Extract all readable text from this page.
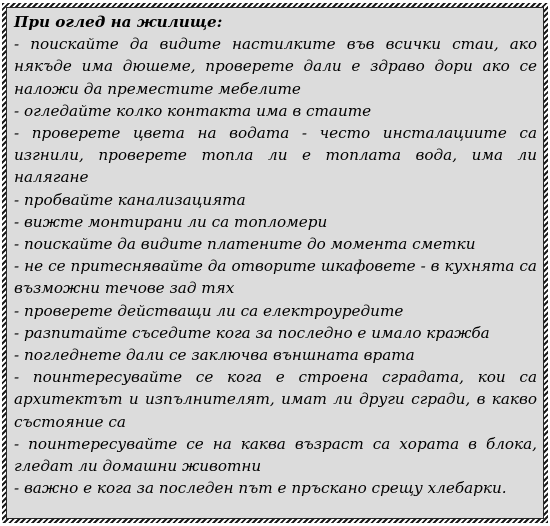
При оглед на жилище:

- поискайте да видите настилките във всички стаи, ако някъде има дюшеме, проверете дали е здраво дори ако се наложи да преместите мебелите

- огледайте колко контакта има в стаите

- проверете цвета на водата - често инсталациите са изгнили, проверете топла ли е топлата вода, има ли налягане

- пробвайте канализацията

- вижте монтирани ли са топломери

- поискайте да видите платените до момента сметки

- не се притеснявайте да отворите шкафовете - в кухнята са възможни течове зад тях

- проверете действащи ли са електроуредите

- разпитайте съседите кога за последно е имало кражба

- погледнете дали се заключва външната врата

- поинтересувайте се кога е строена сградата, кои са архитектът и изпълнителят, имат ли други сгради, в какво състояние са

- поинтересувайте се на каква възраст са хората в блока, гледат ли домашни животни

- важно е кога за последен път е пръскано срещу хлебарки.
